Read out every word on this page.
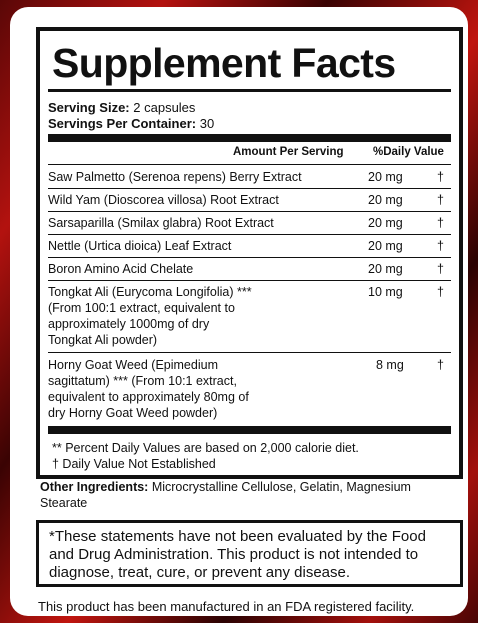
Supplement Facts
Serving Size: 2 capsules
Servings Per Container: 30
Amount Per Serving	%Daily Value
Saw Palmetto (Serenoa repens) Berry Extract	20 mg	†
Wild Yam (Dioscorea villosa) Root Extract	20 mg	†
Sarsaparilla (Smilax glabra) Root Extract	20 mg	†
Nettle (Urtica dioica) Leaf Extract	20 mg	†
Boron Amino Acid Chelate	20 mg	†
Tongkat Ali (Eurycoma Longifolia) ***
(From 100:1 extract, equivalent to
approximately 1000mg of dry
Tongkat Ali powder)
10 mg	†
Horny Goat Weed (Epimedium
sagittatum) *** (From 10:1 extract,
equivalent to approximately 80mg of
dry Horny Goat Weed powder)
8 mg	†
** Percent Daily Values are based on 2,000 calorie diet.
† Daily Value Not Established
Other Ingredients: Microcrystalline Cellulose, Gelatin, Magnesium Stearate
*These statements have not been evaluated by the Food and Drug Administration. This product is not intended to diagnose, treat, cure, or prevent any disease.
This product has been manufactured in an FDA registered facility.
